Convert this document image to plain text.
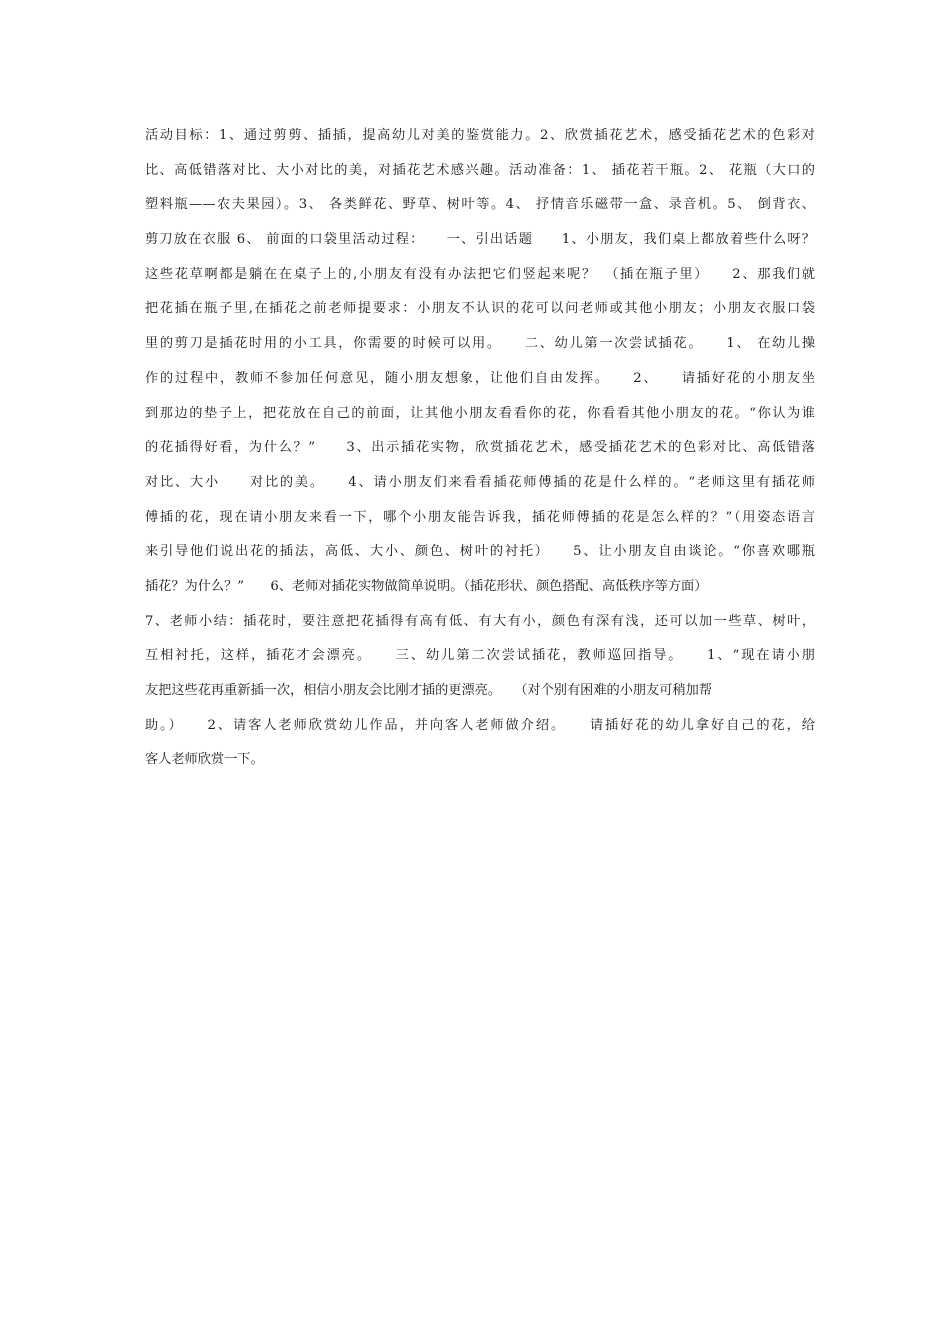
活动目标：1、通过剪剪、插插，提高幼儿对美的鉴赏能力。2、欣赏插花艺术，感受插花艺术的色彩对
比、高低错落对比、大小对比的美，对插花艺术感兴趣。活动准备：1、 插花若干瓶。2、 花瓶（大口的
塑料瓶——农夫果园）。3、 各类鲜花、野草、树叶等。4、 抒情音乐磁带一盒、录音机。5、 倒背衣、
剪刀放在衣服 6、 前面的口袋里活动过程：　　一、引出话题　　1、小朋友，我们桌上都放着些什么呀？
这些花草啊都是躺在在桌子上的,小朋友有没有办法把它们竖起来呢？　（插在瓶子里）　　2、那我们就
把花插在瓶子里,在插花之前老师提要求：小朋友不认识的花可以问老师或其他小朋友；小朋友衣服口袋
里的剪刀是插花时用的小工具，你需要的时候可以用。　　二、幼儿第一次尝试插花。　　1、 在幼儿操
作的过程中，教师不参加任何意见，随小朋友想象，让他们自由发挥。　　2、　　请插好花的小朋友坐
到那边的垫子上，把花放在自己的前面，让其他小朋友看看你的花，你看看其他小朋友的花。“你认为谁
的花插得好看，为什么？”　　3、出示插花实物，欣赏插花艺术，感受插花艺术的色彩对比、高低错落
对比、大小　　对比的美。　　4、请小朋友们来看看插花师傅插的花是什么样的。“老师这里有插花师
傅插的花，现在请小朋友来看一下，哪个小朋友能告诉我，插花师傅插的花是怎么样的？”（用姿态语言
来引导他们说出花的插法，高低、大小、颜色、树叶的衬托）　　5、让小朋友自由谈论。“你喜欢哪瓶
插花？为什么？”　　6、老师对插花实物做简单说明。（插花形状、颜色搭配、高低秩序等方面）
7、老师小结：插花时，要注意把花插得有高有低、有大有小，颜色有深有浅，还可以加一些草、树叶，
互相衬托，这样，插花才会漂亮。　　三、幼儿第二次尝试插花，教师巡回指导。　　1、“现在请小朋
友把这些花再重新插一次，相信小朋友会比刚才插的更漂亮。　　（对个别有困难的小朋友可稍加帮
助。）　　2、请客人老师欣赏幼儿作品，并向客人老师做介绍。　　请插好花的幼儿拿好自己的花，给
客人老师欣赏一下。
